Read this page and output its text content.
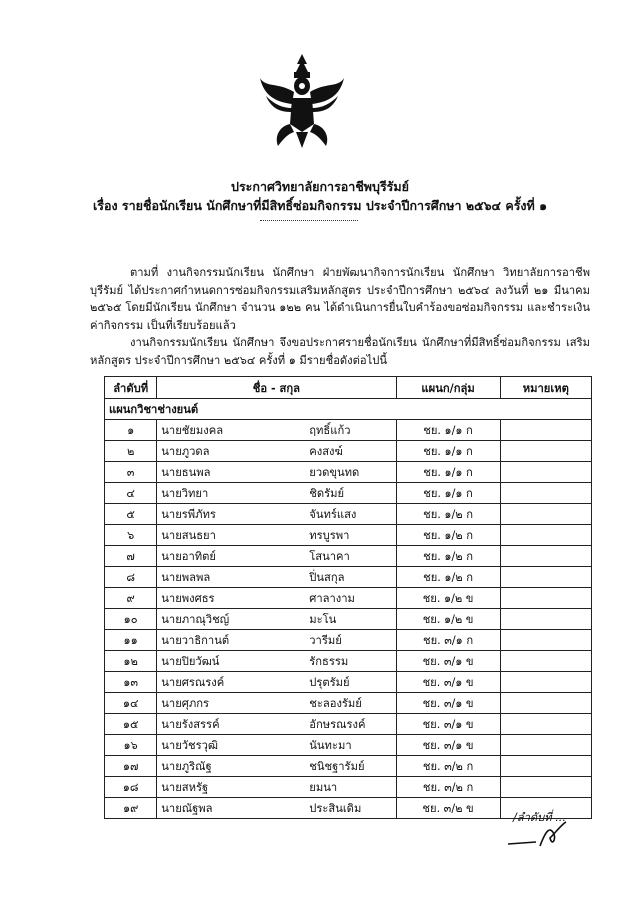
ประกาศวิทยาลัยการอาชีพบุรีรัมย์
เรื่อง รายชื่อนักเรียน นักศึกษาที่มีสิทธิ์ซ่อมกิจกรรม ประจำปีการศึกษา ๒๕๖๔ ครั้งที่ ๑
ตามที่ งานกิจกรรมนักเรียน นักศึกษา ฝ่ายพัฒนากิจการนักเรียน นักศึกษา วิทยาลัยการอาชีพบุรีรัมย์ ได้ประกาศกำหนดการซ่อมกิจกรรมเสริมหลักสูตร ประจำปีการศึกษา ๒๕๖๔ ลงวันที่ ๒๑ มีนาคม ๒๕๖๕ โดยมีนักเรียน นักศึกษา จำนวน ๑๒๒ คน ได้ดำเนินการยื่นใบคำร้องขอซ่อมกิจกรรม และชำระเงินค่ากิจกรรม เป็นที่เรียบร้อยแล้ว
งานกิจกรรมนักเรียน นักศึกษา จึงขอประกาศรายชื่อนักเรียน นักศึกษาที่มีสิทธิ์ซ่อมกิจกรรม เสริมหลักสูตร ประจำปีการศึกษา ๒๕๖๔ ครั้งที่ ๑ มีรายชื่อดังต่อไปนี้
ลำดับที่	ชื่อ - สกุล	แผนก/กลุ่ม	หมายเหตุ
แผนกวิชาช่างยนต์			
๑	นายชัยมงคล ฤทธิ์แก้ว	ชย. ๑/๑ ก	
๒	นายภูวดล คงสงฆ์	ชย. ๑/๑ ก	
๓	นายธนพล ยวดขุนทด	ชย. ๑/๑ ก	
๔	นายวิทยา ชิดรัมย์	ชย. ๑/๑ ก	
๕	นายรพีภัทร จันทร์แสง	ชย. ๑/๒ ก	
๖	นายสนธยา ทรบูรพา	ชย. ๑/๒ ก	
๗	นายอาทิตย์ โสนาคา	ชย. ๑/๒ ก	
๘	นายพลพล ปิ่นสกุล	ชย. ๑/๒ ก	
๙	นายพงศธร ศาลางาม	ชย. ๑/๒ ข	
๑๐	นายภาณุวิชญ์ มะโน	ชย. ๑/๒ ข	
๑๑	นายวาธิกานต์ วารีมย์	ชย. ๓/๑ ก	
๑๒	นายปิยวัฒน์ รักธรรม	ชย. ๓/๑ ข	
๑๓	นายศรณรงค์ ปรุตรัมย์	ชย. ๓/๑ ข	
๑๔	นายศุภกร ชะลองรัมย์	ชย. ๓/๑ ข	
๑๕	นายรังสรรค์ อักษรณรงค์	ชย. ๓/๑ ข	
๑๖	นายวัชรวุฒิ นันทะมา	ชย. ๓/๑ ข	
๑๗	นายภูริณัฐ ชนิชฐารัมย์	ชย. ๓/๒ ก	
๑๘	นายสหรัฐ ยมนา	ชย. ๓/๒ ก	
๑๙	นายณัฐพล ประสินเดิม	ชย. ๓/๒ ข	
/ลำดับที่ ...
